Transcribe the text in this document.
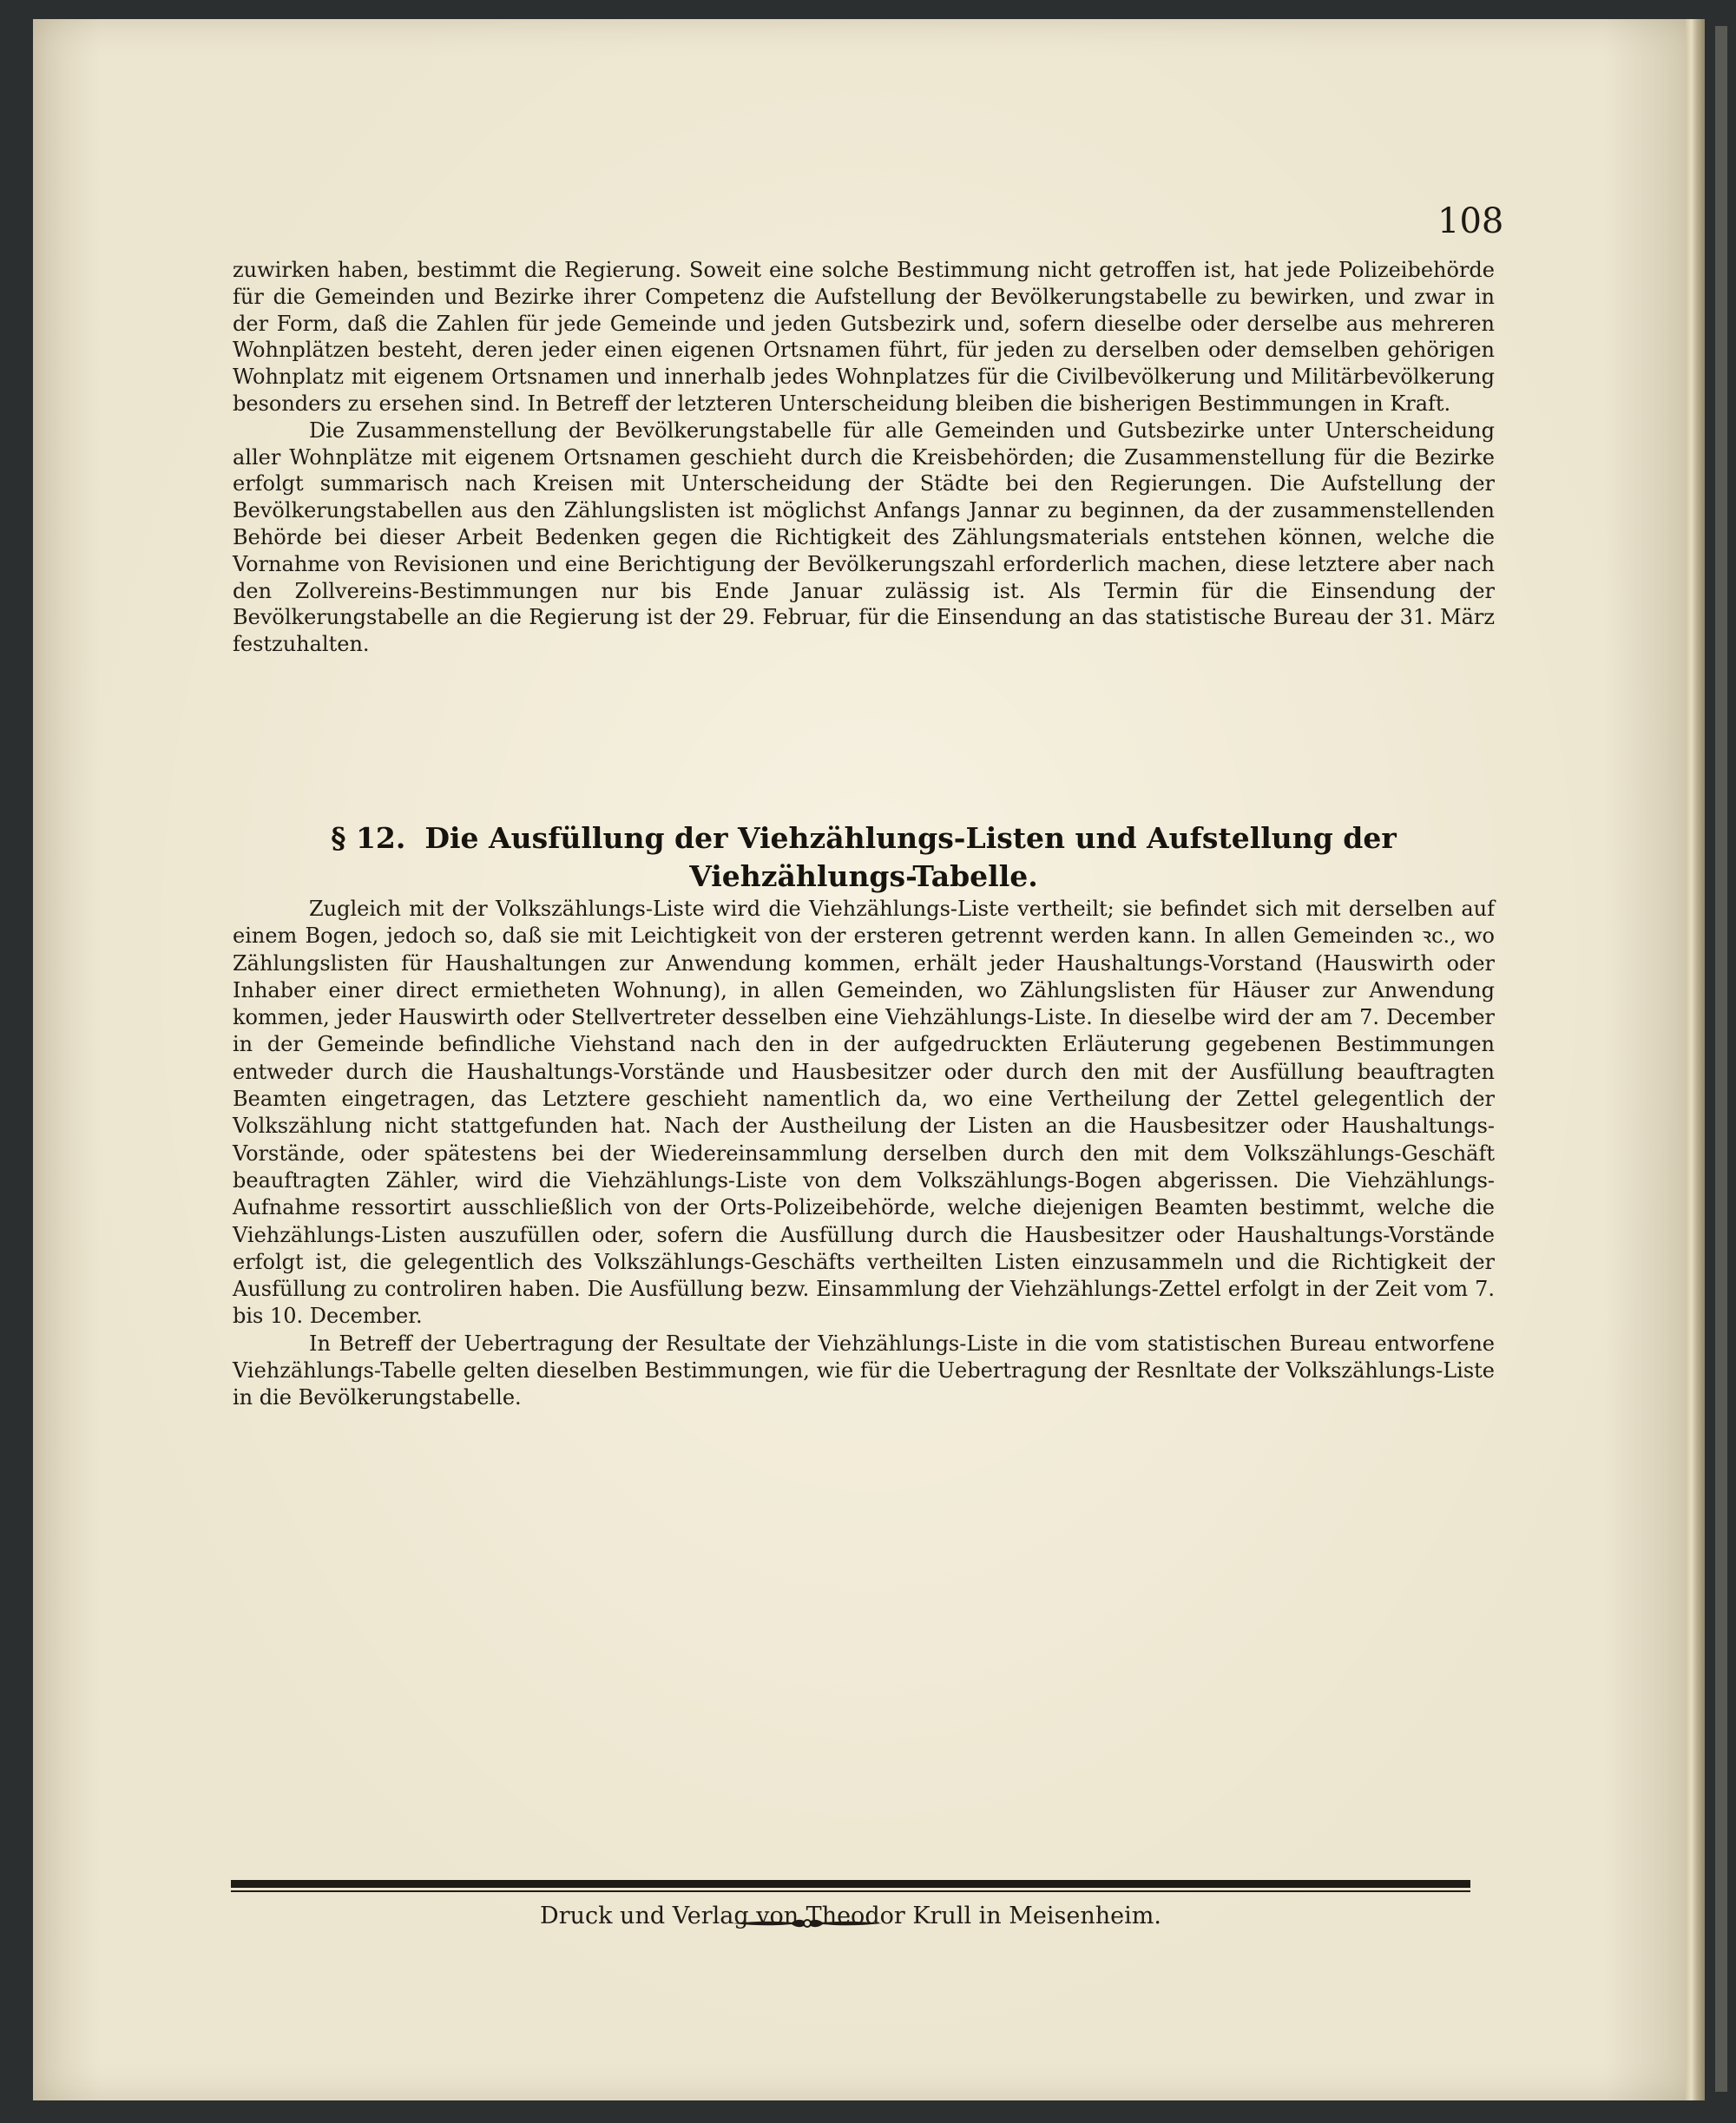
108

zuwirken haben, bestimmt die Regierung. Soweit eine solche Bestimmung nicht getroffen ist, hat jede Polizeibehörde für die Gemeinden und Bezirke ihrer Competenz die Aufstellung der Bevölkerungstabelle zu bewirken, und zwar in der Form, daß die Zahlen für jede Gemeinde und jeden Gutsbezirk und, sofern dieselbe oder derselbe aus mehreren Wohnplätzen besteht, deren jeder einen eigenen Ortsnamen führt, für jeden zu derselben oder demselben gehörigen Wohnplatz mit eigenem Ortsnamen und innerhalb jedes Wohnplatzes für die Civilbevölkerung und Militärbevölkerung besonders zu ersehen sind. In Betreff der letzteren Unterscheidung bleiben die bisherigen Bestimmungen in Kraft.

Die Zusammenstellung der Bevölkerungstabelle für alle Gemeinden und Gutsbezirke unter Unterscheidung aller Wohnplätze mit eigenem Ortsnamen geschieht durch die Kreisbehörden; die Zusammenstellung für die Bezirke erfolgt summarisch nach Kreisen mit Unterscheidung der Städte bei den Regierungen. Die Aufstellung der Bevölkerungstabellen aus den Zählungslisten ist möglichst Anfangs Jannar zu beginnen, da der zusammenstellenden Behörde bei dieser Arbeit Bedenken gegen die Richtigkeit des Zählungsmaterials entstehen können, welche die Vornahme von Revisionen und eine Berichtigung der Bevölkerungszahl erforderlich machen, diese letztere aber nach den Zollvereins-Bestimmungen nur bis Ende Januar zulässig ist. Als Termin für die Einsendung der Bevölkerungstabelle an die Regierung ist der 29. Februar, für die Einsendung an das statistische Bureau der 31. März festzuhalten.

§ 12. Die Ausfüllung der Viehzählungs-Listen und Aufstellung der Viehzählungs-Tabelle.

Zugleich mit der Volkszählungs-Liste wird die Viehzählungs-Liste vertheilt; sie befindet sich mit derselben auf einem Bogen, jedoch so, daß sie mit Leichtigkeit von der ersteren getrennt werden kann. In allen Gemeinden ꝛc., wo Zählungslisten für Haushaltungen zur Anwendung kommen, erhält jeder Haushaltungs-Vorstand (Hauswirth oder Inhaber einer direct ermietheten Wohnung), in allen Gemeinden, wo Zählungslisten für Häuser zur Anwendung kommen, jeder Hauswirth oder Stellvertreter desselben eine Viehzählungs-Liste. In dieselbe wird der am 7. December in der Gemeinde befindliche Viehstand nach den in der aufgedruckten Erläuterung gegebenen Bestimmungen entweder durch die Haushaltungs-Vorstände und Hausbesitzer oder durch den mit der Ausfüllung beauftragten Beamten eingetragen, das Letztere geschieht namentlich da, wo eine Vertheilung der Zettel gelegentlich der Volkszählung nicht stattgefunden hat. Nach der Austheilung der Listen an die Hausbesitzer oder Haushaltungs-Vorstände, oder spätestens bei der Wiedereinsammlung derselben durch den mit dem Volkszählungs-Geschäft beauftragten Zähler, wird die Viehzählungs-Liste von dem Volkszählungs-Bogen abgerissen. Die Viehzählungs-Aufnahme ressortirt ausschließlich von der Orts-Polizeibehörde, welche diejenigen Beamten bestimmt, welche die Viehzählungs-Listen auszufüllen oder, sofern die Ausfüllung durch die Hausbesitzer oder Haushaltungs-Vorstände erfolgt ist, die gelegentlich des Volkszählungs-Geschäfts vertheilten Listen einzusammeln und die Richtigkeit der Ausfüllung zu controliren haben. Die Ausfüllung bezw. Einsammlung der Viehzählungs-Zettel erfolgt in der Zeit vom 7. bis 10. December.

In Betreff der Uebertragung der Resultate der Viehzählungs-Liste in die vom statistischen Bureau entworfene Viehzählungs-Tabelle gelten dieselben Bestimmungen, wie für die Uebertragung der Resnltate der Volkszählungs-Liste in die Bevölkerungstabelle.

Druck und Verlag von Theodor Krull in Meisenheim.
